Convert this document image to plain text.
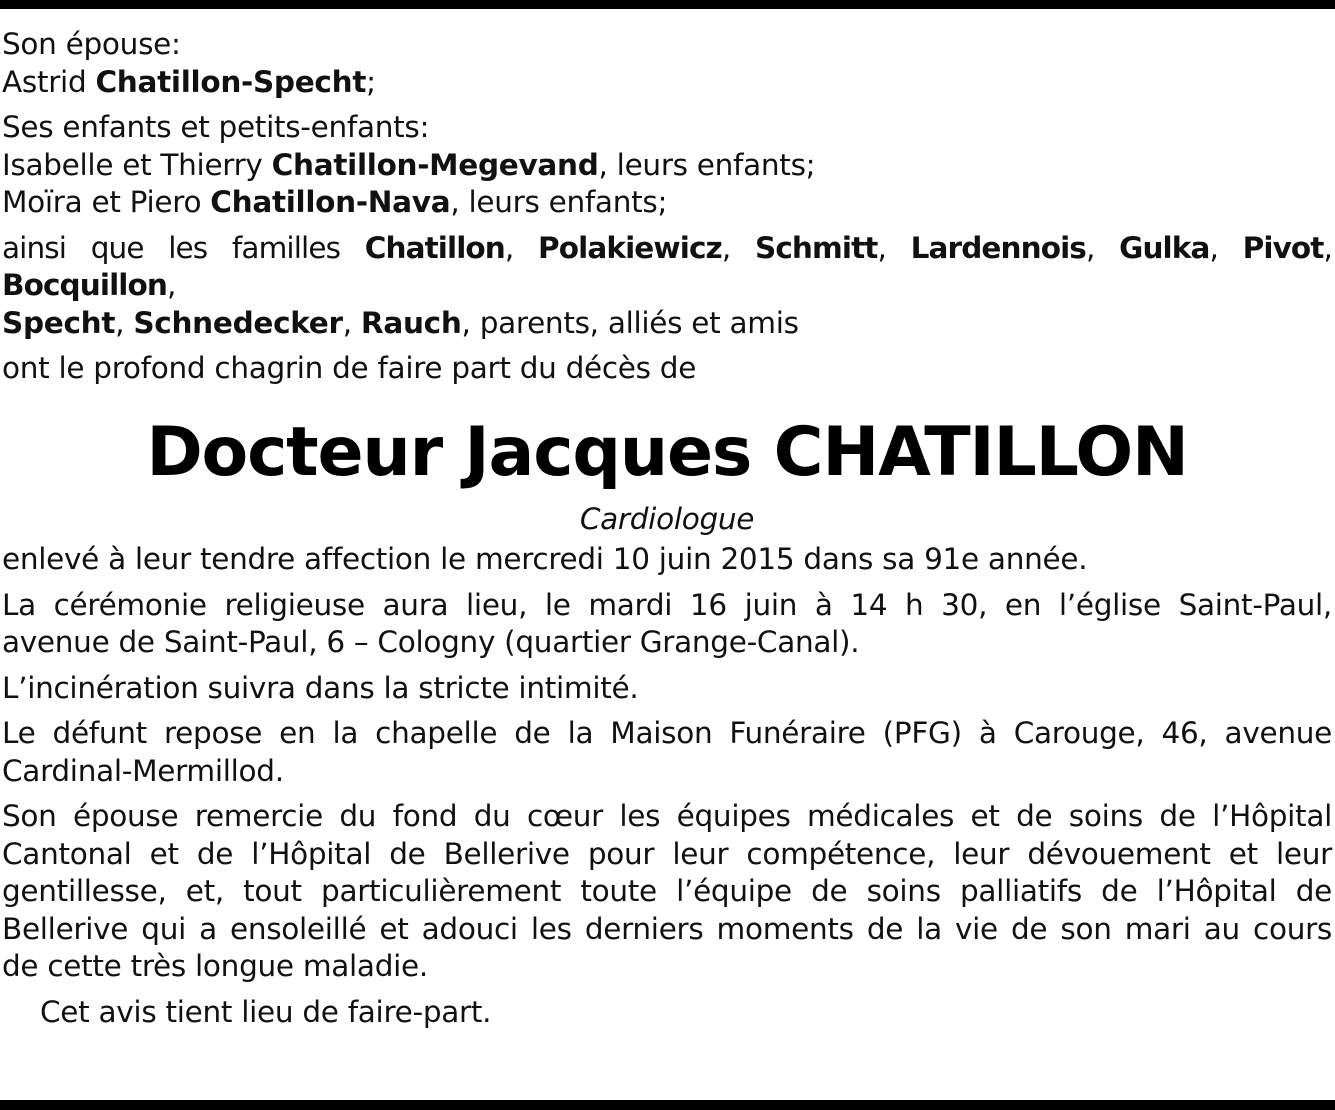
Son épouse:
Astrid Chatillon-Specht;
Ses enfants et petits-enfants:
Isabelle et Thierry Chatillon-Megevand, leurs enfants;
Moïra et Piero Chatillon-Nava, leurs enfants;
ainsi que les familles Chatillon, Polakiewicz, Schmitt, Lardennois, Gulka, Pivot, Bocquillon,
Specht, Schnedecker, Rauch, parents, alliés et amis
ont le profond chagrin de faire part du décès de
Docteur Jacques CHATILLON
Cardiologue
enlevé à leur tendre affection le mercredi 10 juin 2015 dans sa 91e année.
La cérémonie religieuse aura lieu, le mardi 16 juin à 14 h 30, en l’église Saint-Paul,
avenue de Saint-Paul, 6 – Cologny (quartier Grange-Canal).
L’incinération suivra dans la stricte intimité.
Le défunt repose en la chapelle de la Maison Funéraire (PFG) à Carouge, 46, avenue
Cardinal-Mermillod.
Son épouse remercie du fond du cœur les équipes médicales et de soins de l’Hôpital
Cantonal et de l’Hôpital de Bellerive pour leur compétence, leur dévouement et leur
gentillesse, et, tout particulièrement toute l’équipe de soins palliatifs de l’Hôpital de
Bellerive qui a ensoleillé et adouci les derniers moments de la vie de son mari au cours
de cette très longue maladie.
Cet avis tient lieu de faire-part.
